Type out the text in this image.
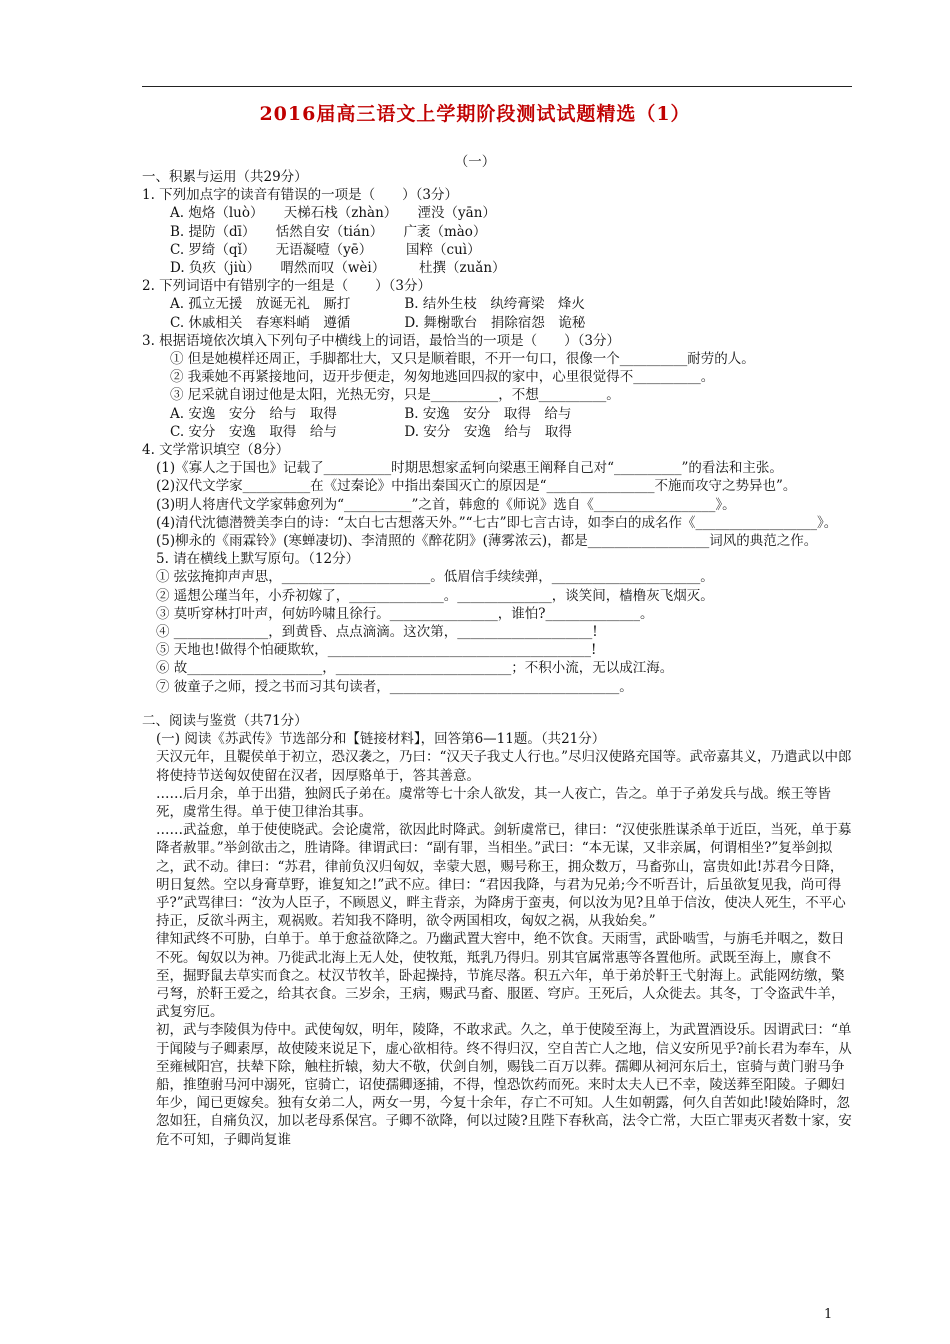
2016届高三语文上学期阶段测试试题精选（1）
（一）

一、积累与运用（共29分）

1. 下列加点字的读音有错误的一项是（　　）（3分）

A. 炮烙（luò）　　天梯石栈（zhàn）　　湮没（yān）

B. 提防（dī）　　恬然自安（tián）　　广袤（mào）

C. 罗绮（qǐ）　　无语凝噎（yē）　　　国粹（cuì）

D. 负疚（jiù）　　喟然而叹（wèi）　　　杜撰（zuǎn）

2. 下列词语中有错别字的一组是（　　）（3分）

A. 孤立无援　放诞无礼　厮打　　　　B. 结外生枝　纨绔膏梁　烽火

C. 休戚相关　春寒料峭　遵循　　　　D. 舞榭歌台　捐除宿怨　诡秘

3. 根据语境依次填入下列句子中横线上的词语，最恰当的一项是（　　）（3分）

① 但是她模样还周正，手脚都壮大，又只是顺着眼，不开一句口，很像一个__________耐劳的人。

② 我乘她不再紧接地问，迈开步便走，匆匆地逃回四叔的家中，心里很觉得不__________。

③ 尼采就自诩过他是太阳，光热无穷，只是__________，不想__________。

A. 安逸　安分　给与　取得　　　　　B. 安逸　安分　取得　给与

C. 安分　安逸　取得　给与　　　　　D. 安分　安逸　给与　取得

4. 文学常识填空（8分）

(1)《寡人之于国也》记载了__________时期思想家孟轲向梁惠王阐释自己对“__________”的看法和主张。

(2)汉代文学家__________在《过秦论》中指出秦国灭亡的原因是“________________不施而攻守之势异也”。

(3)明人将唐代文学家韩愈列为“__________”之首，韩愈的《师说》选自《__________________》。

(4)清代沈德潜赞美李白的诗：“太白七古想落天外。”“七古”即七言古诗，如李白的成名作《__________________》。

(5)柳永的《雨霖铃》(寒蝉凄切)、李清照的《醉花阴》(薄雾浓云)，都是__________________词风的典范之作。

5. 请在横线上默写原句。（12分）

① 弦弦掩抑声声思，______________________。低眉信手续续弹，______________________。

② 遥想公瑾当年，小乔初嫁了，______________。______________，谈笑间，樯橹灰飞烟灭。

③ 莫听穿林打叶声，何妨吟啸且徐行。________________，谁怕?______________。

④ ______________，到黄昏、点点滴滴。这次第，____________________!

⑤ 天地也!做得个怕硬欺软，_______________________________________!

⑥ 故____________________，__________________________；不积小流，无以成江海。

⑦ 彼童子之师，授之书而习其句读者，__________________________________。

二、阅读与鉴赏（共71分）

(一) 阅读《苏武传》节选部分和【链接材料】，回答第6—11题。（共21分）

天汉元年，且鞮侯单于初立，恐汉袭之，乃曰：“汉天子我丈人行也。”尽归汉使路充国等。武帝嘉其义，乃遣武以中郎将使持节送匈奴使留在汉者，因厚赂单于，答其善意。

……后月余，单于出猎，独阏氏子弟在。虞常等七十余人欲发，其一人夜亡，告之。单于子弟发兵与战。缑王等皆死，虞常生得。单于使卫律治其事。

……武益愈，单于使使晓武。会论虞常，欲因此时降武。剑斩虞常已，律曰：“汉使张胜谋杀单于近臣，当死，单于募降者赦罪。”举剑欲击之，胜请降。律谓武曰：“副有罪，当相坐。”武曰：“本无谋，又非亲属，何谓相坐?”复举剑拟之，武不动。律曰：“苏君，律前负汉归匈奴，幸蒙大恩，赐号称王，拥众数万，马畜弥山，富贵如此!苏君今日降，明日复然。空以身膏草野，谁复知之!”武不应。律曰：“君因我降，与君为兄弟;今不听吾计，后虽欲复见我，尚可得乎?”武骂律曰：“汝为人臣子，不顾恩义，畔主背亲，为降虏于蛮夷，何以汝为见?且单于信汝，使决人死生，不平心持正，反欲斗两主，观祸败。若知我不降明，欲令两国相攻，匈奴之祸，从我始矣。”

律知武终不可胁，白单于。单于愈益欲降之。乃幽武置大窖中，绝不饮食。天雨雪，武卧啮雪，与旃毛并咽之，数日不死。匈奴以为神。乃徙武北海上无人处，使牧羝，羝乳乃得归。别其官属常惠等各置他所。武既至海上，廪食不至，掘野鼠去草实而食之。杖汉节牧羊，卧起操持，节旄尽落。积五六年，单于弟於靬王弋射海上。武能网纺缴，檠弓弩，於靬王爱之，给其衣食。三岁余，王病，赐武马畜、服匿、穹庐。王死后，人众徙去。其冬，丁令盗武牛羊，武复穷厄。

初，武与李陵俱为侍中。武使匈奴，明年，陵降，不敢求武。久之，单于使陵至海上，为武置酒设乐。因谓武曰：“单于闻陵与子卿素厚，故使陵来说足下，虚心欲相待。终不得归汉，空自苦亡人之地，信义安所见乎?前长君为奉车，从至雍棫阳宫，扶辇下除，触柱折辕，劾大不敬，伏剑自刎，赐钱二百万以葬。孺卿从祠河东后土，宦骑与黄门驸马争船，推堕驸马河中溺死，宦骑亡，诏使孺卿逐捕，不得，惶恐饮药而死。来时太夫人已不幸，陵送葬至阳陵。子卿妇年少，闻已更嫁矣。独有女弟二人，两女一男，今复十余年，存亡不可知。人生如朝露，何久自苦如此!陵始降时，忽忽如狂，自痛负汉，加以老母系保宫。子卿不欲降，何以过陵?且陛下春秋高，法令亡常，大臣亡罪夷灭者数十家，安危不可知，子卿尚复谁

1
